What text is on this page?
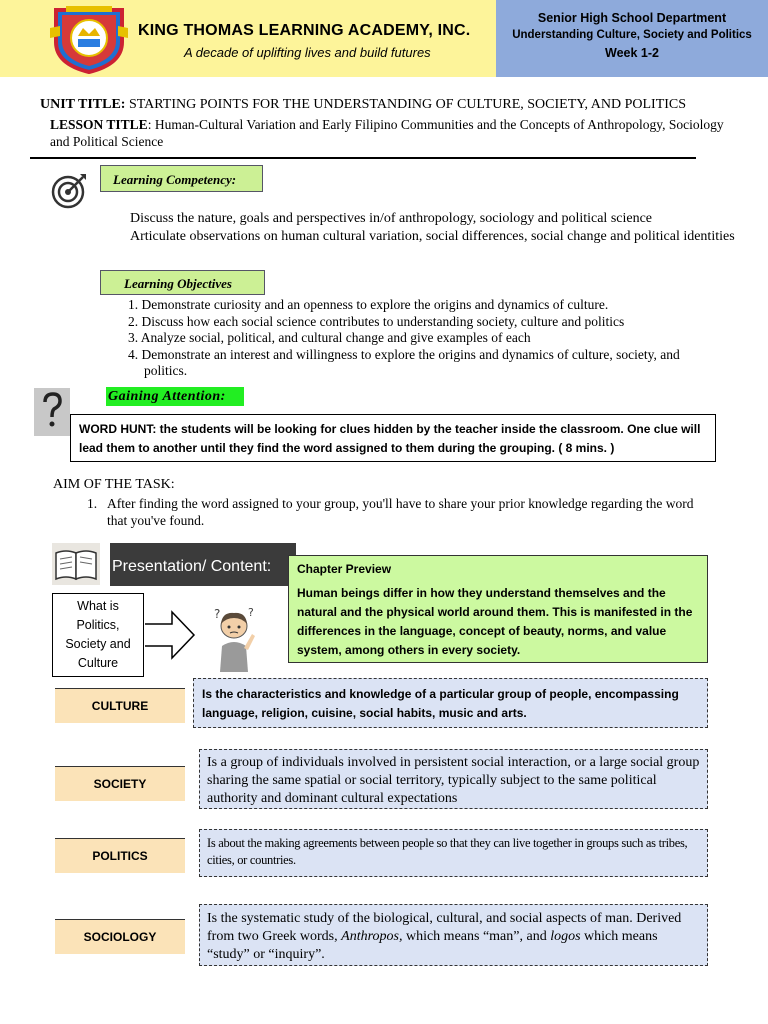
KING THOMAS LEARNING ACADEMY, INC.
A decade of uplifting lives and build futures
Senior High School Department
Understanding Culture, Society and Politics
Week 1-2
UNIT TITLE: STARTING POINTS FOR THE UNDERSTANDING OF CULTURE, SOCIETY, AND POLITICS
LESSON TITLE: Human-Cultural Variation and Early Filipino Communities and the Concepts of Anthropology, Sociology and Political Science
Learning Competency:
Discuss the nature, goals and perspectives in/of anthropology, sociology and political science
Articulate observations on human cultural variation, social differences, social change and political identities
Learning Objectives
1. Demonstrate curiosity and an openness to explore the origins and dynamics of culture.
2. Discuss how each social science contributes to understanding society, culture and politics
3. Analyze social, political, and cultural change and give examples of each
4. Demonstrate an interest and willingness to explore the origins and dynamics of culture, society, and politics.
Gaining Attention:
WORD HUNT: the students will be looking for clues hidden by the teacher inside the classroom. One clue will lead them to another until they find the word assigned to them during the grouping. ( 8 mins. )
AIM OF THE TASK:
1. After finding the word assigned to your group, you'll have to share your prior knowledge regarding the word that you've found.
Presentation/ Content:	Chapter Preview
Human beings differ in how they understand themselves and the natural and the physical world around them. This is manifested in the differences in the language, concept of beauty, norms, and value system, among others in every society.
What is
Politics,
Society and
Culture
?	?
CULTURE
Is the characteristics and knowledge of a particular group of people, encompassing language, religion, cuisine, social habits, music and arts.
SOCIETY
Is a group of individuals involved in persistent social interaction, or a large social group sharing the same spatial or social territory, typically subject to the same political authority and dominant cultural expectations
POLITICS
Is about the making agreements between people so that they can live together in groups such as tribes, cities, or countries.
SOCIOLOGY
Is the systematic study of the biological, cultural, and social aspects of man. Derived from two Greek words, Anthropos, which means “man”, and logos which means “study” or “inquiry”.
